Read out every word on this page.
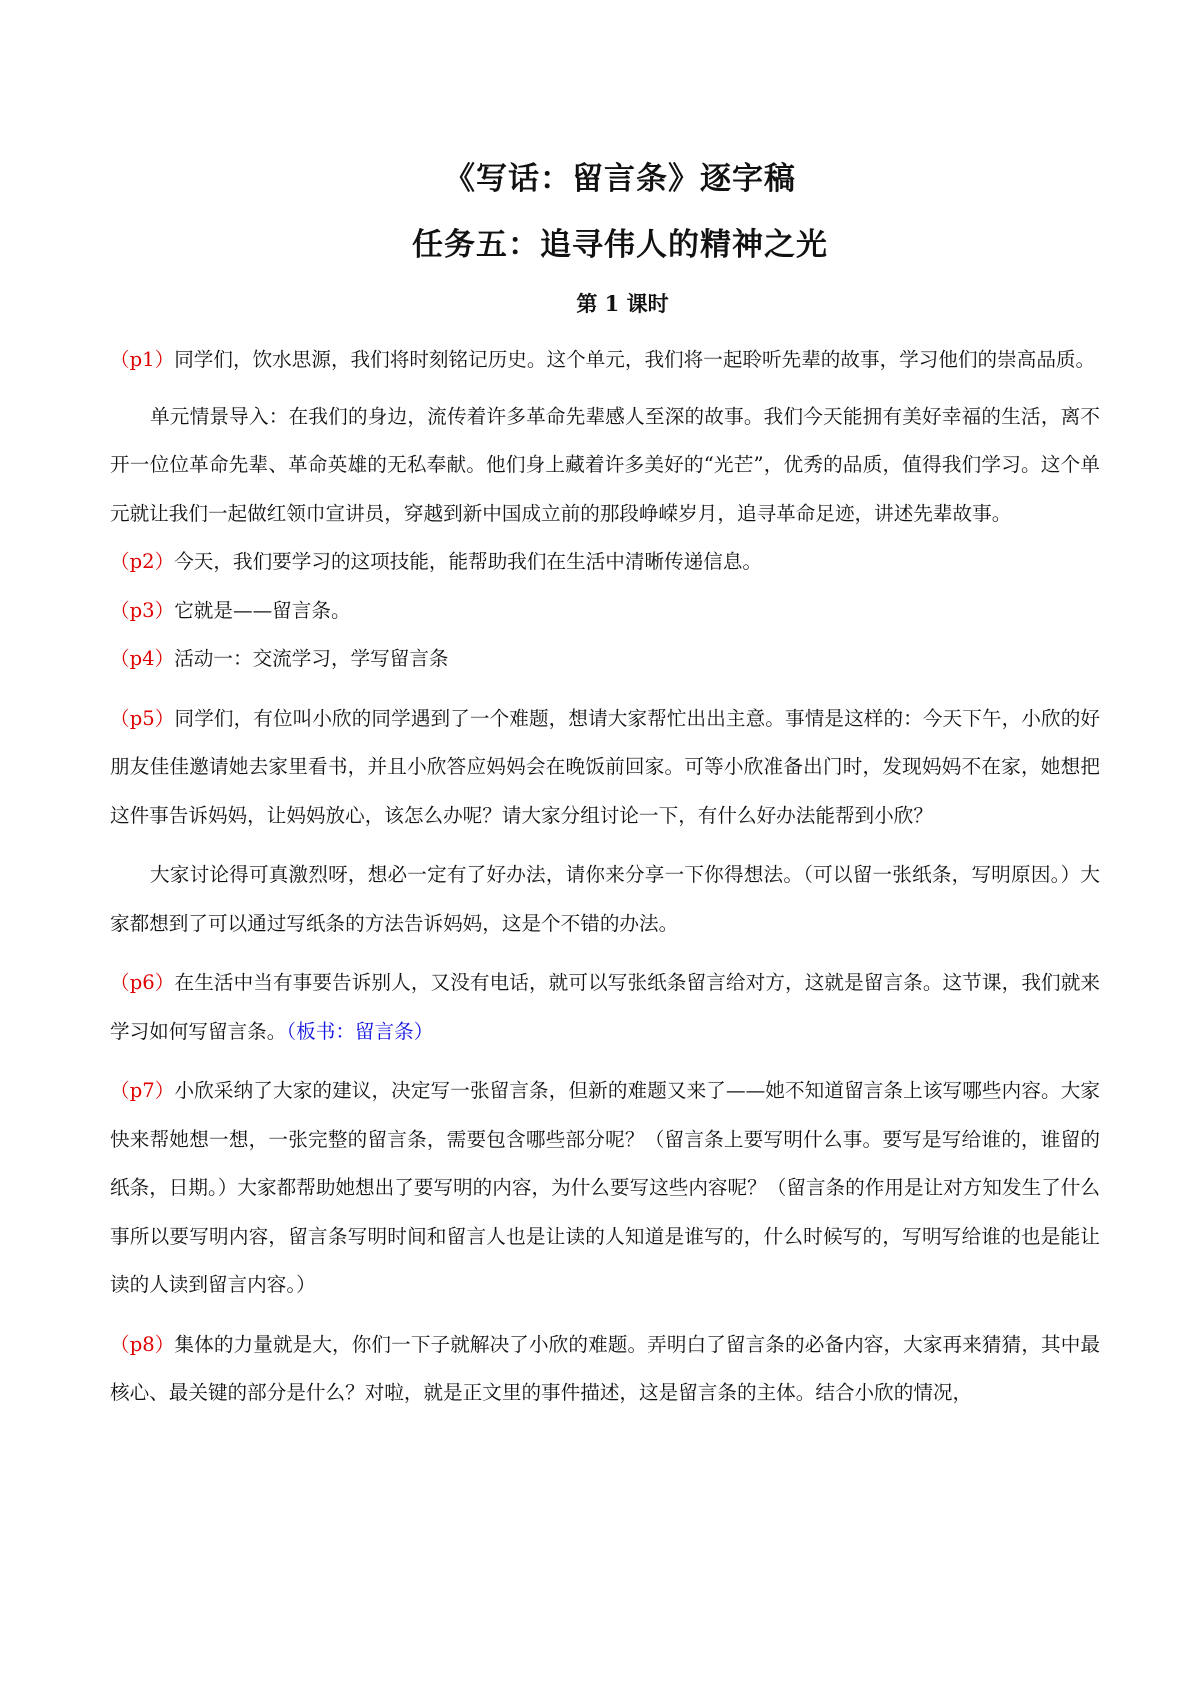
《写话：留言条》逐字稿
任务五：追寻伟人的精神之光
第 1 课时

（p1）同学们，饮水思源，我们将时刻铭记历史。这个单元，我们将一起聆听先辈的故事，学习他们的崇高品质。

单元情景导入：在我们的身边，流传着许多革命先辈感人至深的故事。我们今天能拥有美好幸福的生活，离不开一位位革命先辈、革命英雄的无私奉献。他们身上藏着许多美好的“光芒”，优秀的品质，值得我们学习。这个单元就让我们一起做红领巾宣讲员，穿越到新中国成立前的那段峥嵘岁月，追寻革命足迹，讲述先辈故事。

（p2）今天，我们要学习的这项技能，能帮助我们在生活中清晰传递信息。

（p3）它就是——留言条。

（p4）活动一：交流学习，学写留言条

（p5）同学们，有位叫小欣的同学遇到了一个难题，想请大家帮忙出出主意。事情是这样的：今天下午，小欣的好朋友佳佳邀请她去家里看书，并且小欣答应妈妈会在晚饭前回家。可等小欣准备出门时，发现妈妈不在家，她想把这件事告诉妈妈，让妈妈放心，该怎么办呢？请大家分组讨论一下，有什么好办法能帮到小欣？

大家讨论得可真激烈呀，想必一定有了好办法，请你来分享一下你得想法。（可以留一张纸条，写明原因。）大家都想到了可以通过写纸条的方法告诉妈妈，这是个不错的办法。

（p6）在生活中当有事要告诉别人，又没有电话，就可以写张纸条留言给对方，这就是留言条。这节课，我们就来学习如何写留言条。（板书：留言条）

（p7）小欣采纳了大家的建议，决定写一张留言条，但新的难题又来了——她不知道留言条上该写哪些内容。大家快来帮她想一想，一张完整的留言条，需要包含哪些部分呢？（留言条上要写明什么事。要写是写给谁的，谁留的纸条，日期。）大家都帮助她想出了要写明的内容，为什么要写这些内容呢？（留言条的作用是让对方知发生了什么事所以要写明内容，留言条写明时间和留言人也是让读的人知道是谁写的，什么时候写的，写明写给谁的也是能让读的人读到留言内容。）

（p8）集体的力量就是大，你们一下子就解决了小欣的难题。弄明白了留言条的必备内容，大家再来猜猜，其中最核心、最关键的部分是什么？对啦，就是正文里的事件描述，这是留言条的主体。结合小欣的情况，
